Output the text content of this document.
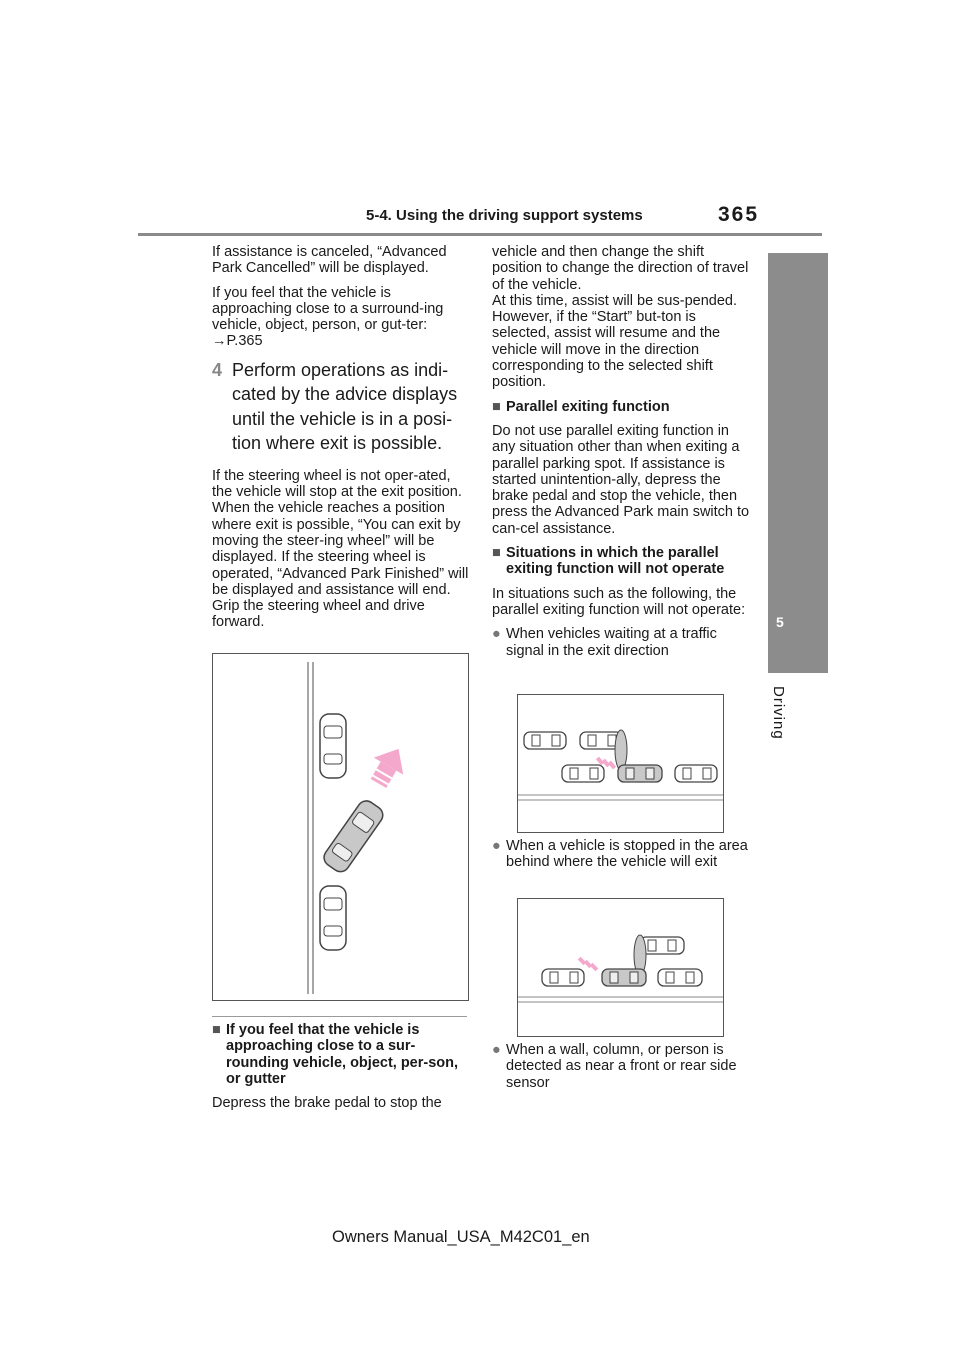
5-4. Using the driving support systems	365
5
Driving

If assistance is canceled, “Advanced Park Cancelled” will be displayed.

If you feel that the vehicle is approaching close to a surround-ing vehicle, object, person, or gut-ter: →P.365

4 Perform operations as indi-cated by the advice displays until the vehicle is in a posi-tion where exit is possible.

If the steering wheel is not oper-ated, the vehicle will stop at the exit position. When the vehicle reaches a position where exit is possible, “You can exit by moving the steer-ing wheel” will be displayed. If the steering wheel is operated, “Advanced Park Finished” will be displayed and assistance will end. Grip the steering wheel and drive forward.

■ If you feel that the vehicle is approaching close to a sur-rounding vehicle, object, per-son, or gutter

Depress the brake pedal to stop the

vehicle and then change the shift position to change the direction of travel of the vehicle.

At this time, assist will be sus-pended. However, if the “Start” but-ton is selected, assist will resume and the vehicle will move in the direction corresponding to the selected shift position.

■ Parallel exiting function

Do not use parallel exiting function in any situation other than when exiting a parallel parking spot. If assistance is started unintention-ally, depress the brake pedal and stop the vehicle, then press the Advanced Park main switch to can-cel assistance.

■ Situations in which the parallel exiting function will not operate

In situations such as the following, the parallel exiting function will not operate:

● When vehicles waiting at a traffic signal in the exit direction
● When a vehicle is stopped in the area behind where the vehicle will exit
● When a wall, column, or person is detected as near a front or rear side sensor
Owners Manual_USA_M42C01_en
